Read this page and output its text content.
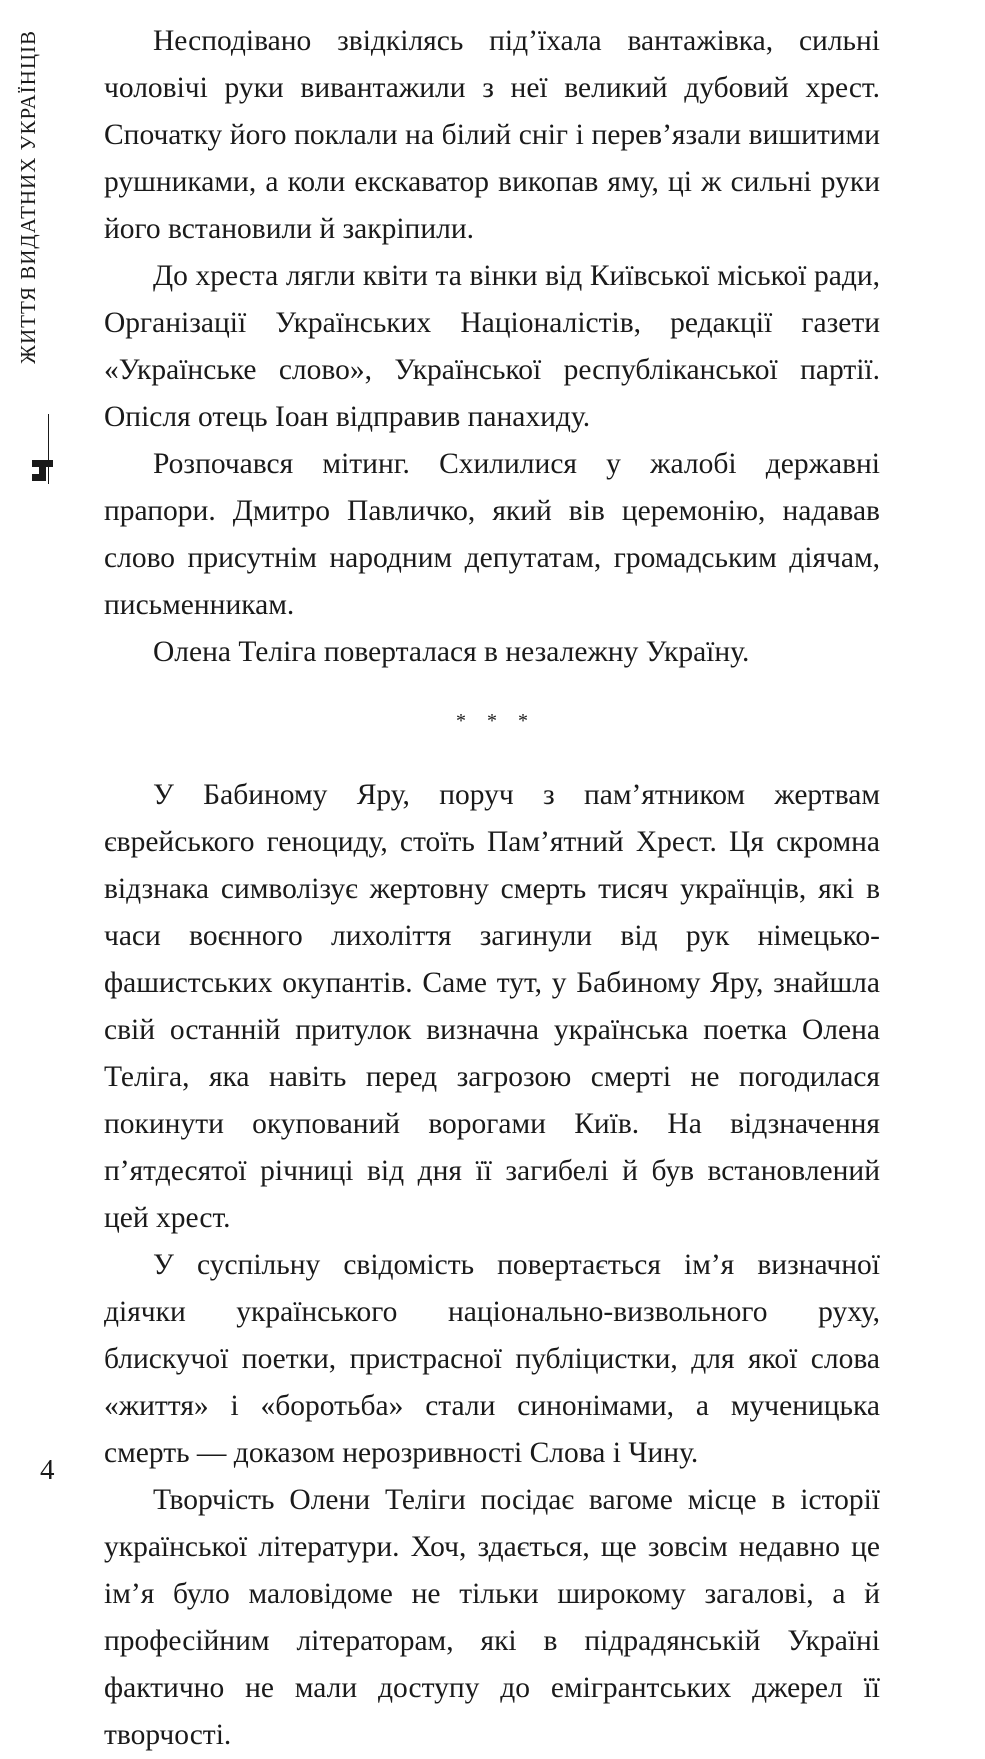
ЖИТТЯ ВИДАТНИХ УКРАЇНЦІВ	Несподівано звідкілясь під’їхала вантажівка, сильні чоловічі руки вивантажили з неї великий дубовий хрест. Спочатку його поклали на білий сніг і перев’язали вишитими рушниками, а коли екскаватор викопав яму, ці ж сильні руки його встановили й закріпили.

До хреста лягли квіти та вінки від Київської міської ради, Організації Українських Націоналістів, редакції газети «Українське слово», Української республіканської партії. Опісля отець Іоан відправив панахиду.

Розпочався мітинг. Схилилися у жалобі державні прапори. Дмитро Павличко, який вів церемонію, надавав слово присутнім народним депутатам, громадським діячам, письменникам.

Олена Теліга поверталася в незалежну Україну.

* * *

У Бабиному Яру, поруч з пам’ятником жертвам єврейського геноциду, стоїть Пам’ятний Хрест. Ця скромна відзнака символізує жертовну смерть тисяч українців, які в часи воєнного лихоліття загинули від рук німецько-фашистських окупантів. Саме тут, у Бабиному Яру, знайшла свій останній притулок визначна українська поетка Олена Теліга, яка навіть перед загрозою смерті не погодилася покинути окупований ворогами Київ. На відзначення п’ятдесятої річниці від дня її загибелі й був встановлений цей хрест.

У суспільну свідомість повертається ім’я визначної діячки українського національно-визвольного руху, блискучої поетки, пристрасної публіцистки, для якої слова «життя» і «боротьба» стали синонімами, а мученицька смерть — доказом нерозривності Слова і Чину.

Творчість Олени Теліги посідає вагоме місце в історії української літератури. Хоч, здається, ще зовсім недавно це ім’я було маловідоме не тільки широкому загалові, а й професійним літераторам, які в підрадянській Україні фактично не мали доступу до емігрантських джерел її творчості.

4
